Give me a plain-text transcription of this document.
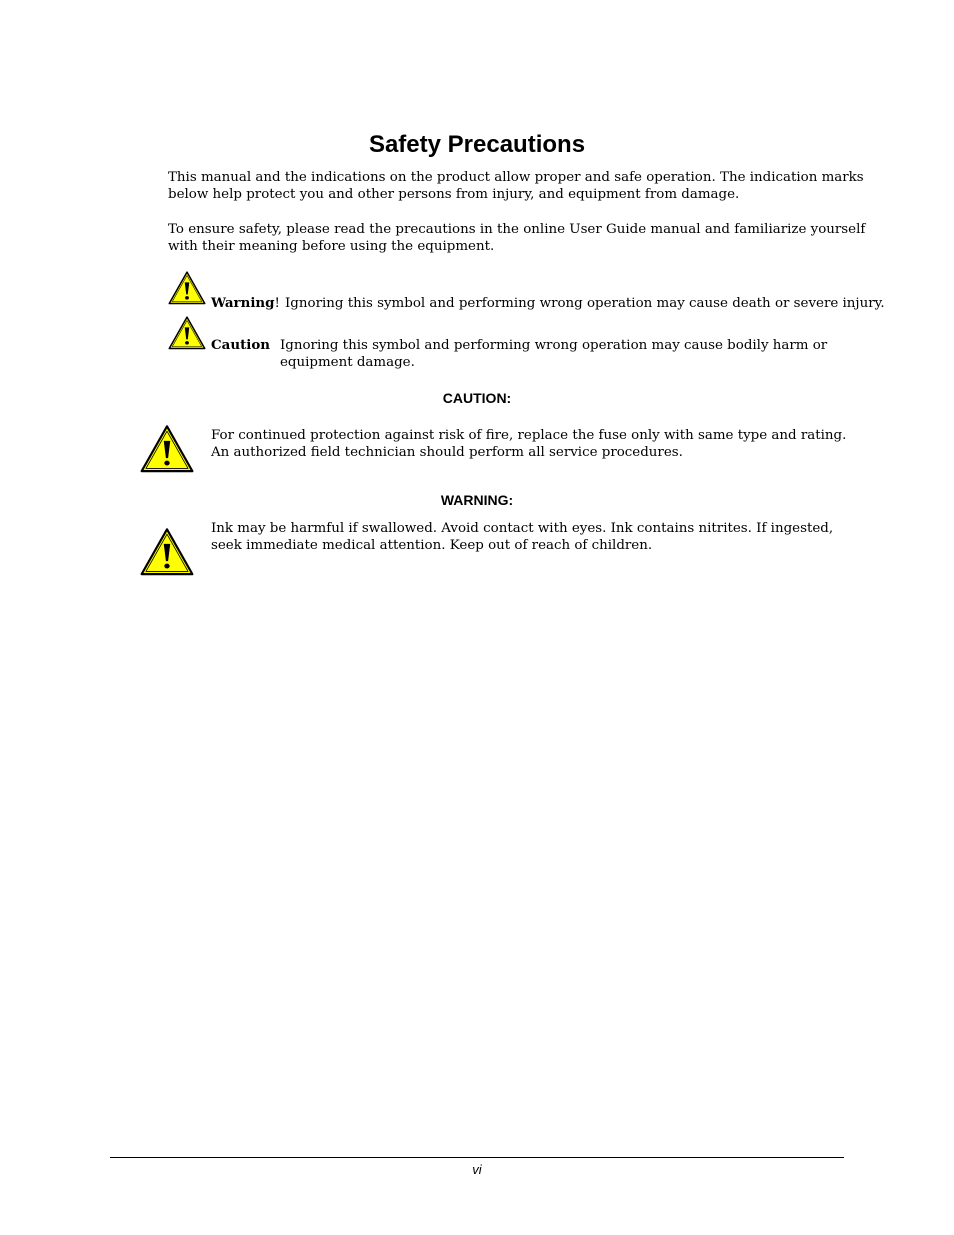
Safety Precautions
This manual and the indications on the product allow proper and safe operation. The indication marks
below help protect you and other persons from injury, and equipment from damage.
To ensure safety, please read the precautions in the online User Guide manual and familiarize yourself
with their meaning before using the equipment.
Warning! Ignoring this symbol and performing wrong operation may cause death or severe injury.
Caution Ignoring this symbol and performing wrong operation may cause bodily harm or
equipment damage.
CAUTION:
For continued protection against risk of fire, replace the fuse only with same type and rating.
An authorized field technician should perform all service procedures.
WARNING:
Ink may be harmful if swallowed. Avoid contact with eyes. Ink contains nitrites. If ingested,
seek immediate medical attention. Keep out of reach of children.
vi
